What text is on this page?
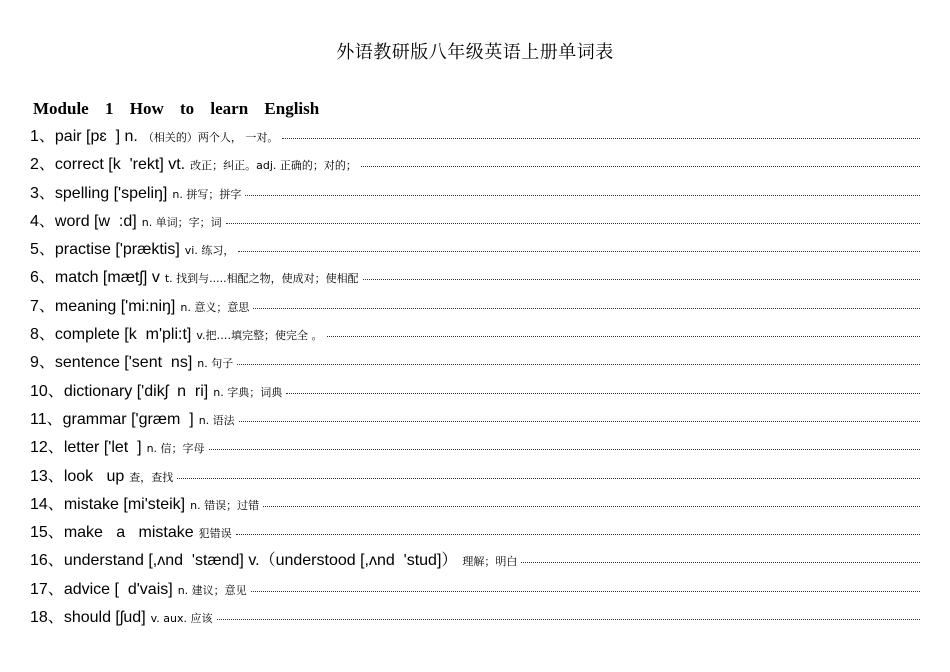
外语教研版八年级英语上册单词表
Module 1 How to learn English
1、 pair [pɛ  ] n. （相关的）两个人， 一对。
2、 correct [k  'rekt] vt. 改正；纠正。adj. 正确的；对的；
3、 spelling ['speliŋ] n. 拼写；拼字
4、 word [w  :d] n. 单词；字；词
5、 practise ['præktis] vi. 练习，
6、 match [mætʃ] v t. 找到与.....相配之物，使成对；使相配
7、 meaning ['mi:niŋ] n. 意义；意思
8、 complete [k  m'pli:t] v.把….填完整；使完全 。
9、 sentence ['sent  ns] n. 句子
10、 dictionary ['dikʃ  n  ri] n. 字典；词典
11、 grammar ['ɡræm  ] n. 语法
12、 letter ['let  ] n. 信；字母
13、 look   up 查，查找
14、 mistake [mi'steik] n. 错误；过错
15、 make   a   mistake 犯错误
16、 understand [,ʌnd  'stænd] v.（understood [,ʌnd  'stud]） 理解；明白
17、 advice [  d'vais] n. 建议；意见
18、 should [ʃud] v. aux. 应该
